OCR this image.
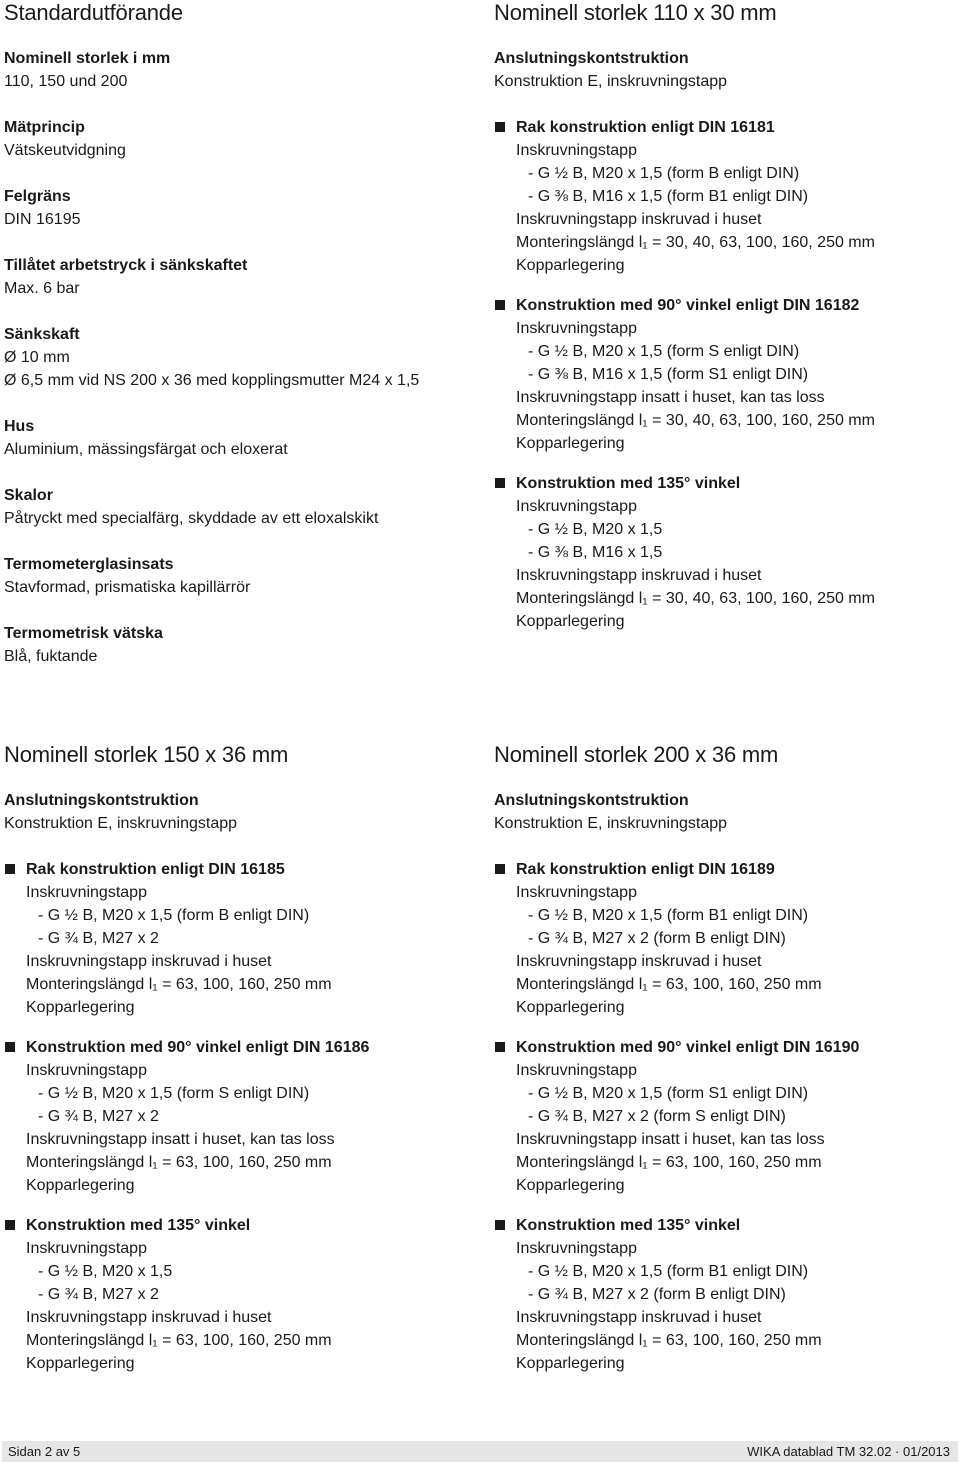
Standardutförande
Nominell storlek i mm
110, 150 und 200
Mätprincip
Vätskeutvidgning
Felgräns
DIN 16195
Tillåtet arbetstryck i sänkskaftet
Max. 6 bar
Sänkskaft
Ø 10 mm
Ø 6,5 mm vid NS 200 x 36 med kopplingsmutter M24 x 1,5
Hus
Aluminium, mässingsfärgat och eloxerat
Skalor
Påtryckt med specialfärg, skyddade av ett eloxalskikt
Termometerglasinsats
Stavformad, prismatiska kapillärrör
Termometrisk vätska
Blå, fuktande
Nominell storlek 110 x 30 mm
Anslutningskontstruktion
Konstruktion E, inskruvningstapp
Rak konstruktion enligt DIN 16181
Inskruvningstapp
- G ½ B, M20 x 1,5 (form B enligt DIN)
- G ⅜ B, M16 x 1,5 (form B1 enligt DIN)
Inskruvningstapp inskruvad i huset
Monteringslängd l₁ = 30, 40, 63, 100, 160, 250 mm
Kopparlegering
Konstruktion med 90° vinkel enligt DIN 16182
Inskruvningstapp
- G ½ B, M20 x 1,5 (form S enligt DIN)
- G ⅜ B, M16 x 1,5 (form S1 enligt DIN)
Inskruvningstapp insatt i huset, kan tas loss
Monteringslängd l₁ = 30, 40, 63, 100, 160, 250 mm
Kopparlegering
Konstruktion med 135° vinkel
Inskruvningstapp
- G ½ B, M20 x 1,5
- G ⅜ B, M16 x 1,5
Inskruvningstapp inskruvad i huset
Monteringslängd l₁ = 30, 40, 63, 100, 160, 250 mm
Kopparlegering
Nominell storlek 150 x 36 mm
Anslutningskontstruktion
Konstruktion E, inskruvningstapp
Rak konstruktion enligt DIN 16185
Inskruvningstapp
- G ½ B, M20 x 1,5 (form B enligt DIN)
- G ¾ B, M27 x 2
Inskruvningstapp inskruvad i huset
Monteringslängd l₁ = 63, 100, 160, 250 mm
Kopparlegering
Konstruktion med 90° vinkel enligt DIN 16186
Inskruvningstapp
- G ½ B, M20 x 1,5 (form S enligt DIN)
- G ¾ B, M27 x 2
Inskruvningstapp insatt i huset, kan tas loss
Monteringslängd l₁ = 63, 100, 160, 250 mm
Kopparlegering
Konstruktion med 135° vinkel
Inskruvningstapp
- G ½ B, M20 x 1,5
- G ¾ B, M27 x 2
Inskruvningstapp inskruvad i huset
Monteringslängd l₁ = 63, 100, 160, 250 mm
Kopparlegering
Nominell storlek 200 x 36 mm
Anslutningskontstruktion
Konstruktion E, inskruvningstapp
Rak konstruktion enligt DIN 16189
Inskruvningstapp
- G ½ B, M20 x 1,5 (form B1 enligt DIN)
- G ¾ B, M27 x 2 (form B enligt DIN)
Inskruvningstapp inskruvad i huset
Monteringslängd l₁ = 63, 100, 160, 250 mm
Kopparlegering
Konstruktion med 90° vinkel enligt DIN 16190
Inskruvningstapp
- G ½ B, M20 x 1,5 (form S1 enligt DIN)
- G ¾ B, M27 x 2 (form S enligt DIN)
Inskruvningstapp insatt i huset, kan tas loss
Monteringslängd l₁ = 63, 100, 160, 250 mm
Kopparlegering
Konstruktion med 135° vinkel
Inskruvningstapp
- G ½ B, M20 x 1,5 (form B1 enligt DIN)
- G ¾ B, M27 x 2 (form B enligt DIN)
Inskruvningstapp inskruvad i huset
Monteringslängd l₁ = 63, 100, 160, 250 mm
Kopparlegering
Sidan 2 av 5	WIKA datablad TM 32.02 · 01/2013
